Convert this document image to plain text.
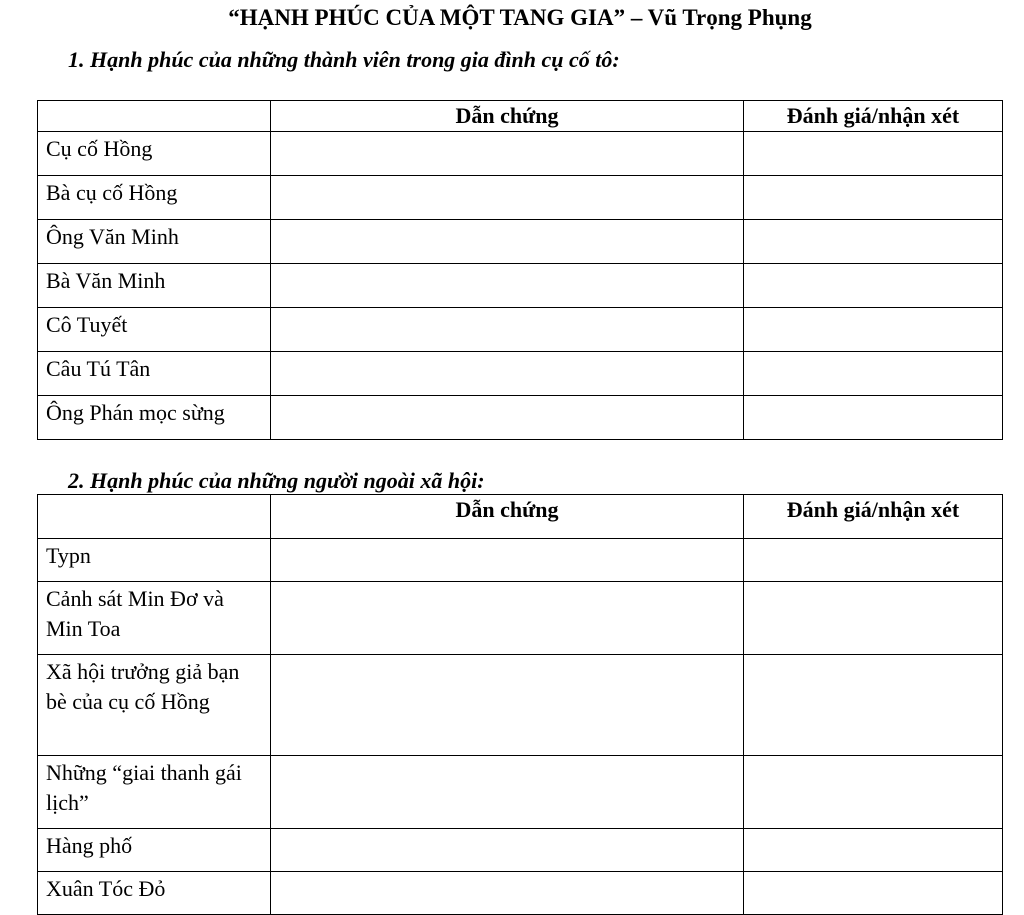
“HẠNH PHÚC CỦA MỘT TANG GIA” – Vũ Trọng Phụng
1. Hạnh phúc của những thành viên trong gia đình cụ cố tô:
	Dẫn chứng	Đánh giá/nhận xét
Cụ cố Hồng		
Bà cụ cố Hồng		
Ông Văn Minh		
Bà Văn Minh		
Cô Tuyết		
Câu Tú Tân		
Ông Phán mọc sừng		
2. Hạnh phúc của những người ngoài xã hội:
	Dẫn chứng	Đánh giá/nhận xét
Typn		
Cảnh sát Min Đơ và Min Toa		
Xã hội trưởng giả bạn bè của cụ cố Hồng		
Những “giai thanh gái lịch”		
Hàng phố		
Xuân Tóc Đỏ		
